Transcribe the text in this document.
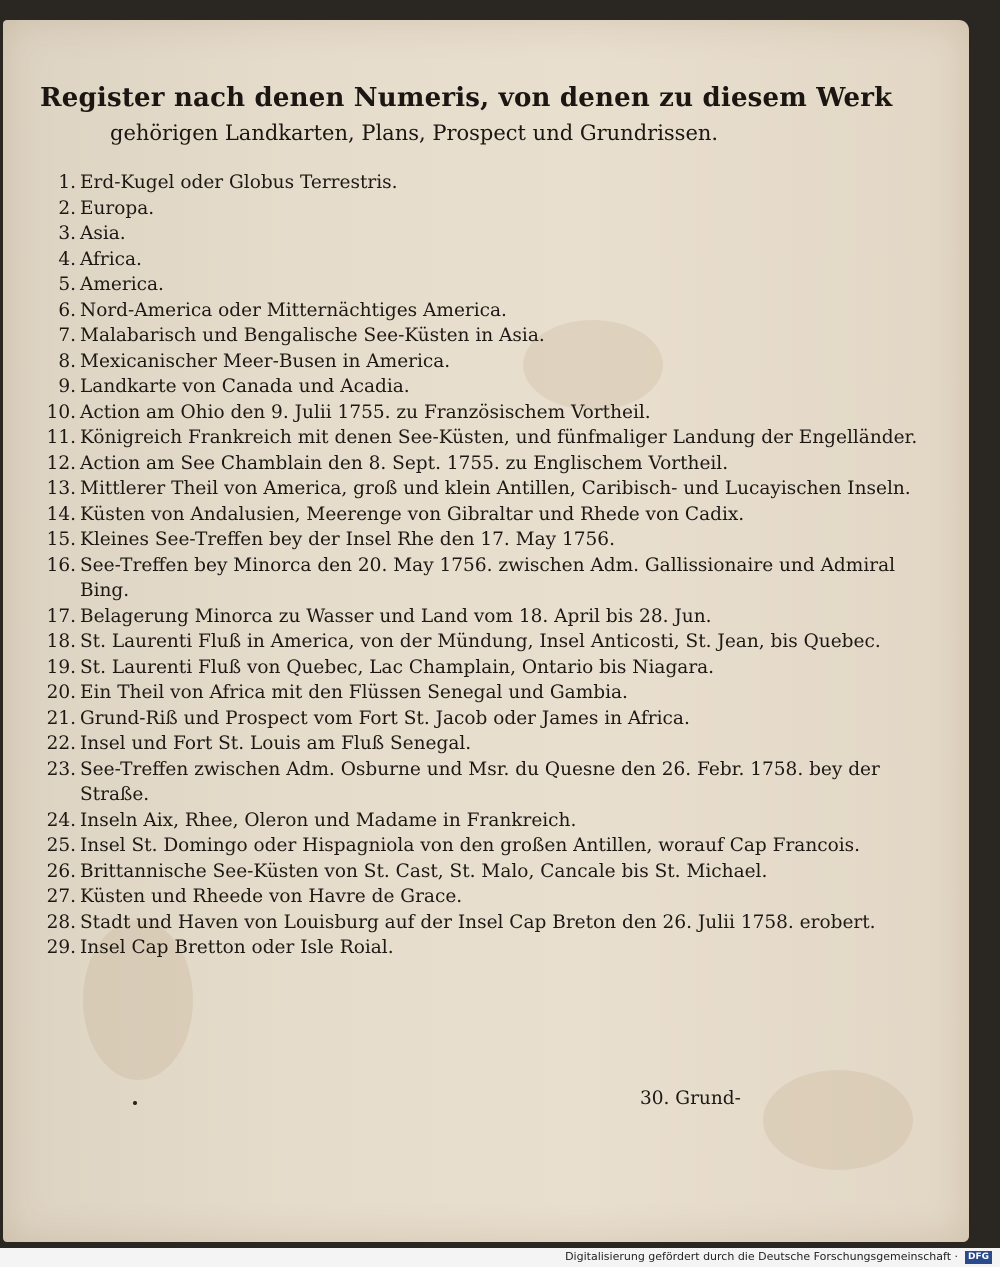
Register nach denen Numeris, von denen zu diesem Werk
gehörigen Landkarten, Plans, Prospect und Grundrissen.
1. Erd-Kugel oder Globus Terrestris.
2. Europa.
3. Asia.
4. Africa.
5. America.
6. Nord-America oder Mitternächtiges America.
7. Malabarisch und Bengalische See-Küsten in Asia.
8. Mexicanischer Meer-Busen in America.
9. Landkarte von Canada und Acadia.
10. Action am Ohio den 9. Julii 1755. zu Französischem Vortheil.
11. Königreich Frankreich mit denen See-Küsten, und fünfmaliger Landung der Engelländer.
12. Action am See Chamblain den 8. Sept. 1755. zu Englischem Vortheil.
13. Mittlerer Theil von America, groß und klein Antillen, Caribisch- und Lucayischen Inseln.
14. Küsten von Andalusien, Meerenge von Gibraltar und Rhede von Cadix.
15. Kleines See-Treffen bey der Insel Rhe den 17. May 1756.
16. See-Treffen bey Minorca den 20. May 1756. zwischen Adm. Gallissionaire und Admiral Bing.
17. Belagerung Minorca zu Wasser und Land vom 18. April bis 28. Jun.
18. St. Laurenti Fluß in America, von der Mündung, Insel Anticosti, St. Jean, bis Quebec.
19. St. Laurenti Fluß von Quebec, Lac Champlain, Ontario bis Niagara.
20. Ein Theil von Africa mit den Flüssen Senegal und Gambia.
21. Grund-Riß und Prospect vom Fort St. Jacob oder James in Africa.
22. Insel und Fort St. Louis am Fluß Senegal.
23. See-Treffen zwischen Adm. Osburne und Msr. du Quesne den 26. Febr. 1758. bey der Straße.
24. Inseln Aix, Rhee, Oleron und Madame in Frankreich.
25. Insel St. Domingo oder Hispagniola von den großen Antillen, worauf Cap Francois.
26. Brittannische See-Küsten von St. Cast, St. Malo, Cancale bis St. Michael.
27. Küsten und Rheede von Havre de Grace.
28. Stadt und Haven von Louisburg auf der Insel Cap Breton den 26. Julii 1758. erobert.
29. Insel Cap Bretton oder Isle Roial.
30. Grund-
Digitalisierung gefördert durch die Deutsche Forschungsgemeinschaft ·	DFG
